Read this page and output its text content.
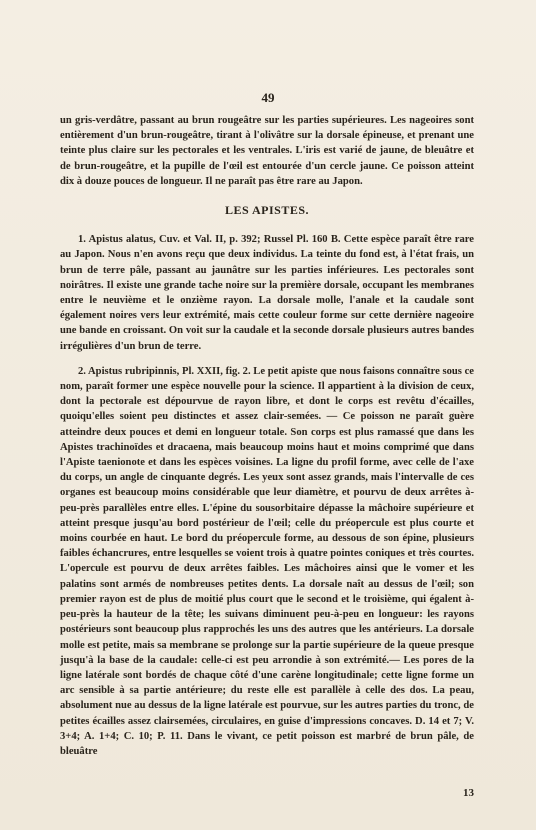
49

un gris-verdâtre, passant au brun rougeâtre sur les parties supérieures. Les nageoires sont entièrement d'un brun-rougeâtre, tirant à l'olivâtre sur la dorsale épineuse, et prenant une teinte plus claire sur les pectorales et les ventrales. L'iris est varié de jaune, de bleuâtre et de brun-rougeâtre, et la pupille de l'œil est entourée d'un cercle jaune. Ce poisson atteint dix à douze pouces de longueur. Il ne paraît pas être rare au Japon.

LES APISTES.

1. Apistus alatus, Cuv. et Val. II, p. 392; Russel Pl. 160 B. Cette espèce paraît être rare au Japon. Nous n'en avons reçu que deux individus. La teinte du fond est, à l'état frais, un brun de terre pâle, passant au jaunâtre sur les parties inférieures. Les pectorales sont noirâtres. Il existe une grande tache noire sur la première dorsale, occupant les membranes entre le neuvième et le onzième rayon. La dorsale molle, l'anale et la caudale sont également noires vers leur extrémité, mais cette couleur forme sur cette dernière nageoire une bande en croissant. On voit sur la caudale et la seconde dorsale plusieurs autres bandes irrégulières d'un brun de terre.

2. Apistus rubripinnis, Pl. XXII, fig. 2. Le petit apiste que nous faisons connaître sous ce nom, paraît former une espèce nouvelle pour la science. Il appartient à la division de ceux, dont la pectorale est dépourvue de rayon libre, et dont le corps est revêtu d'écailles, quoiqu'elles soient peu distinctes et assez clair-semées. — Ce poisson ne paraît guère atteindre deux pouces et demi en longueur totale. Son corps est plus ramassé que dans les Apistes trachinoïdes et dracaena, mais beaucoup moins haut et moins comprimé que dans l'Apiste taenionote et dans les espèces voisines. La ligne du profil forme, avec celle de l'axe du corps, un angle de cinquante degrés. Les yeux sont assez grands, mais l'intervalle de ces organes est beaucoup moins considérable que leur diamètre, et pourvu de deux arrêtes à-peu-près parallèles entre elles. L'épine du sousorbitaire dépasse la mâchoire supérieure et atteint presque jusqu'au bord postérieur de l'œil; celle du préopercule est plus courte et moins courbée en haut. Le bord du préopercule forme, au dessous de son épine, plusieurs faibles échancrures, entre lesquelles se voient trois à quatre pointes coniques et très courtes. L'opercule est pourvu de deux arrêtes faibles. Les mâchoires ainsi que le vomer et les palatins sont armés de nombreuses petites dents. La dorsale naît au dessus de l'œil; son premier rayon est de plus de moitié plus court que le second et le troisième, qui égalent à-peu-près la hauteur de la tête; les suivans diminuent peu-à-peu en longueur: les rayons postérieurs sont beaucoup plus rapprochés les uns des autres que les antérieurs. La dorsale molle est petite, mais sa membrane se prolonge sur la partie supérieure de la queue presque jusqu'à la base de la caudale: celle-ci est peu arrondie à son extrémité.— Les pores de la ligne latérale sont bordés de chaque côté d'une carène longitudinale; cette ligne forme un arc sensible à sa partie antérieure; du reste elle est parallèle à celle des dos. La peau, absolument nue au dessus de la ligne latérale est pourvue, sur les autres parties du tronc, de petites écailles assez clairsemées, circulaires, en guise d'impressions concaves. D. 14 et 7; V. 3+4; A. 1+4; C. 10; P. 11. Dans le vivant, ce petit poisson est marbré de brun pâle, de bleuâtre

13
